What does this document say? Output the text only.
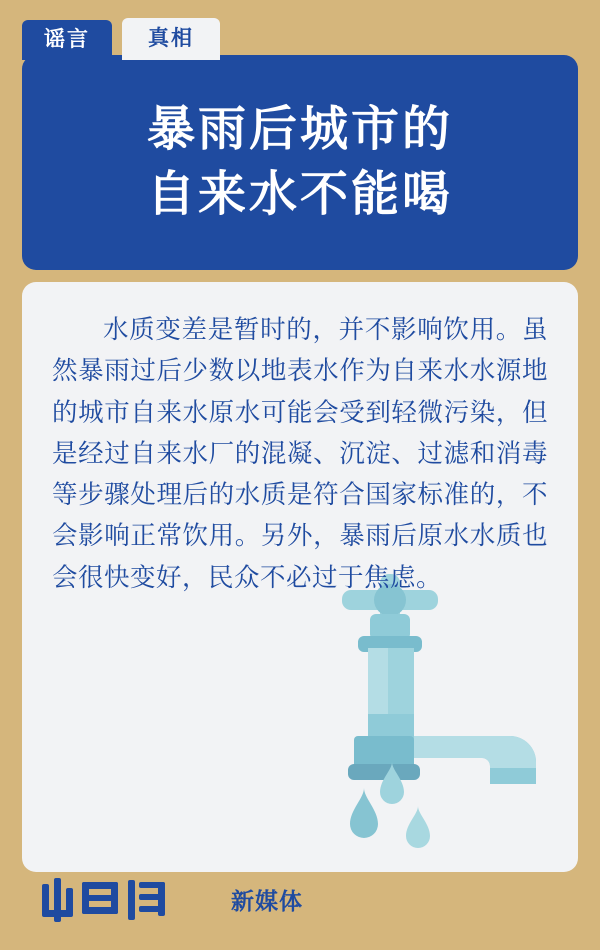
谣言	真相
暴雨后城市的
自来水不能喝
水质变差是暂时的，并不影响饮用。虽然暴雨过后少数以地表水作为自来水水源地的城市自来水原水可能会受到轻微污染，但是经过自来水厂的混凝、沉淀、过滤和消毒等步骤处理后的水质是符合国家标准的，不会影响正常饮用。另外，暴雨后原水水质也会很快变好，民众不必过于焦虑。
新媒体
